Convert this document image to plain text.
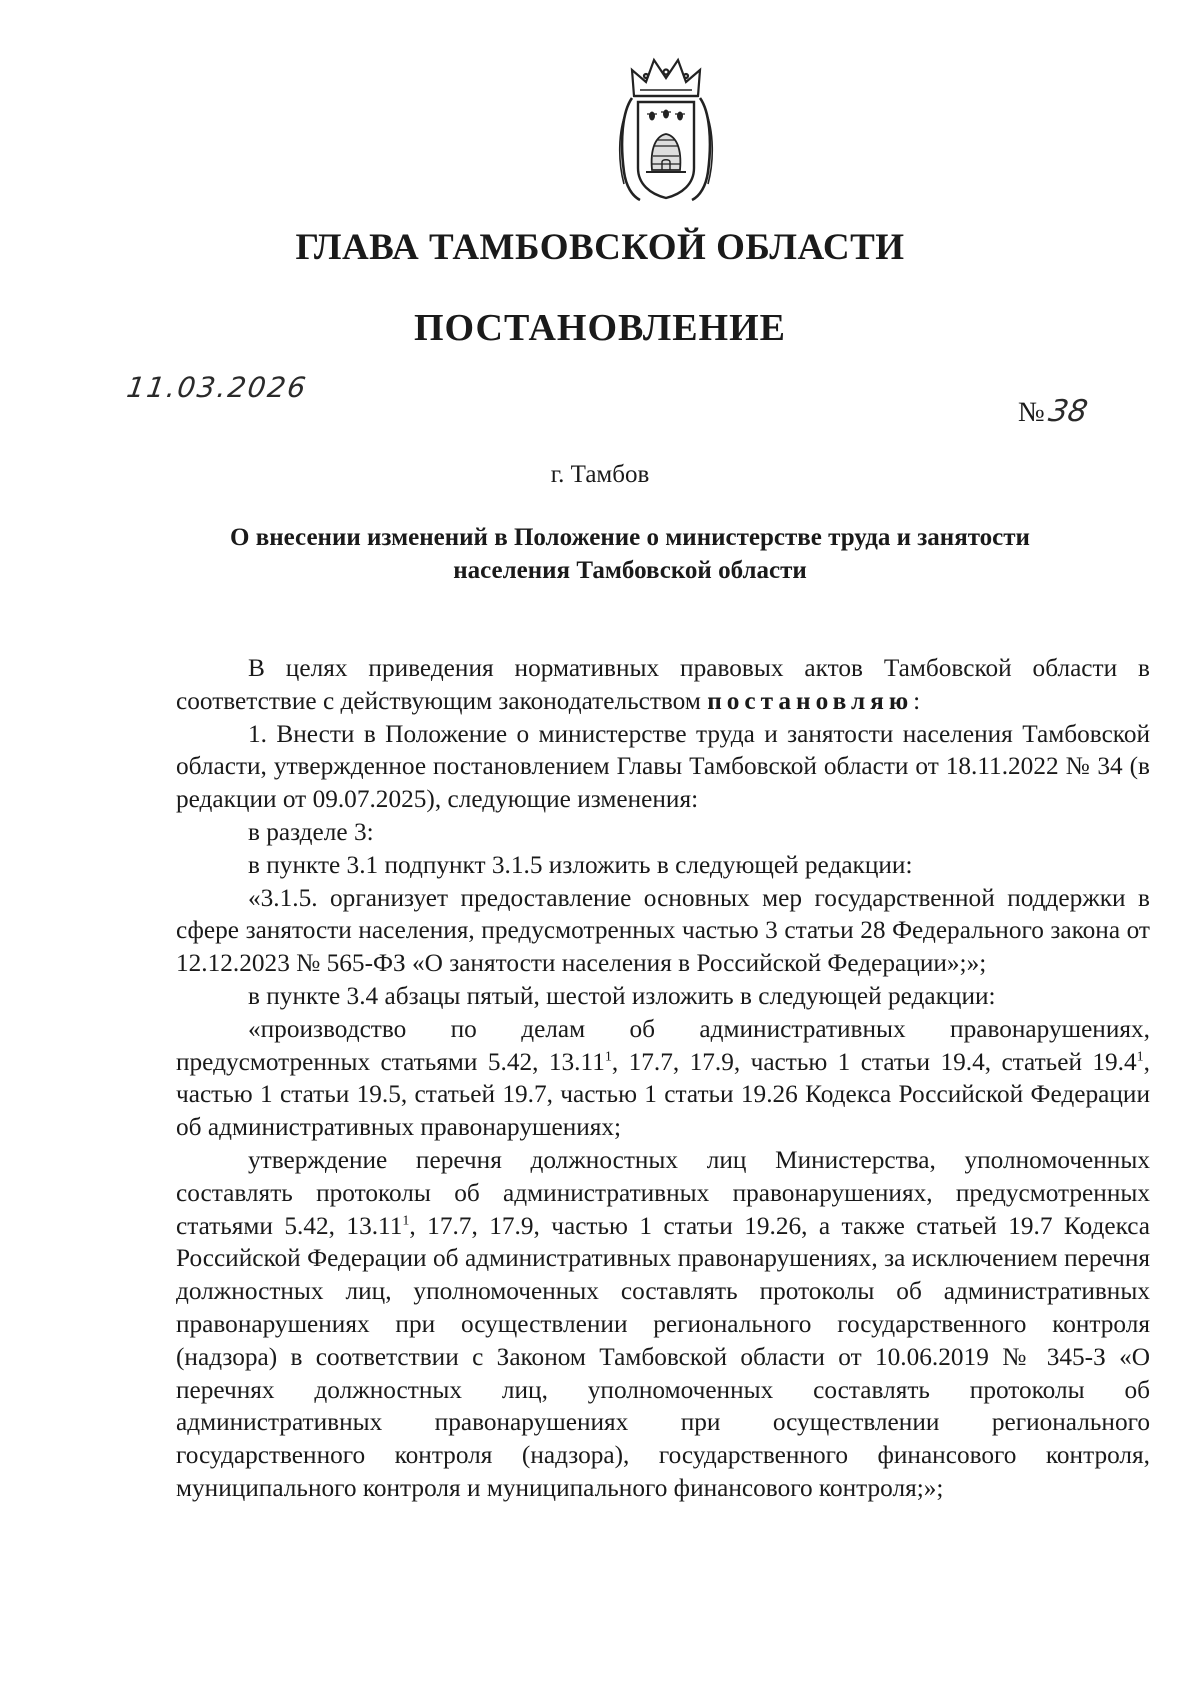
ГЛАВА ТАМБОВСКОЙ ОБЛАСТИ
ПОСТАНОВЛЕНИЕ
11.03.2026
№38
г. Тамбов
О внесении изменений в Положение о министерстве труда и занятости
населения Тамбовской области

В целях приведения нормативных правовых актов Тамбовской области в соответствие с действующим законодательством постановляю:

1. Внести в Положение о министерстве труда и занятости населения Тамбовской области, утвержденное постановлением Главы Тамбовской области от 18.11.2022 № 34 (в редакции от 09.07.2025), следующие изменения:

в разделе 3:

в пункте 3.1 подпункт 3.1.5 изложить в следующей редакции:

«3.1.5. организует предоставление основных мер государственной поддержки в сфере занятости населения, предусмотренных частью 3 статьи 28 Федерального закона от 12.12.2023 № 565-ФЗ «О занятости населения в Российской Федерации»;»;

в пункте 3.4 абзацы пятый, шестой изложить в следующей редакции:

«производство по делам об административных правонарушениях, предусмотренных статьями 5.42, 13.11$^1$, 17.7, 17.9, частью 1 статьи 19.4, статьей 19.4$^1$, частью 1 статьи 19.5, статьей 19.7, частью 1 статьи 19.26 Кодекса Российской Федерации об административных правонарушениях;

утверждение перечня должностных лиц Министерства, уполномоченных составлять протоколы об административных правонарушениях, предусмотренных статьями 5.42, 13.11$^1$, 17.7, 17.9, частью 1 статьи 19.26, а также статьей 19.7 Кодекса Российской Федерации об административных правонарушениях, за исключением перечня должностных лиц, уполномоченных составлять протоколы об административных правонарушениях при осуществлении регионального государственного контроля (надзора) в соответствии с Законом Тамбовской области от 10.06.2019 № 345-З «О перечнях должностных лиц, уполномоченных составлять протоколы об административных правонарушениях при осуществлении регионального государственного контроля (надзора), государственного финансового контроля, муниципального контроля и муниципального финансового контроля;»;
